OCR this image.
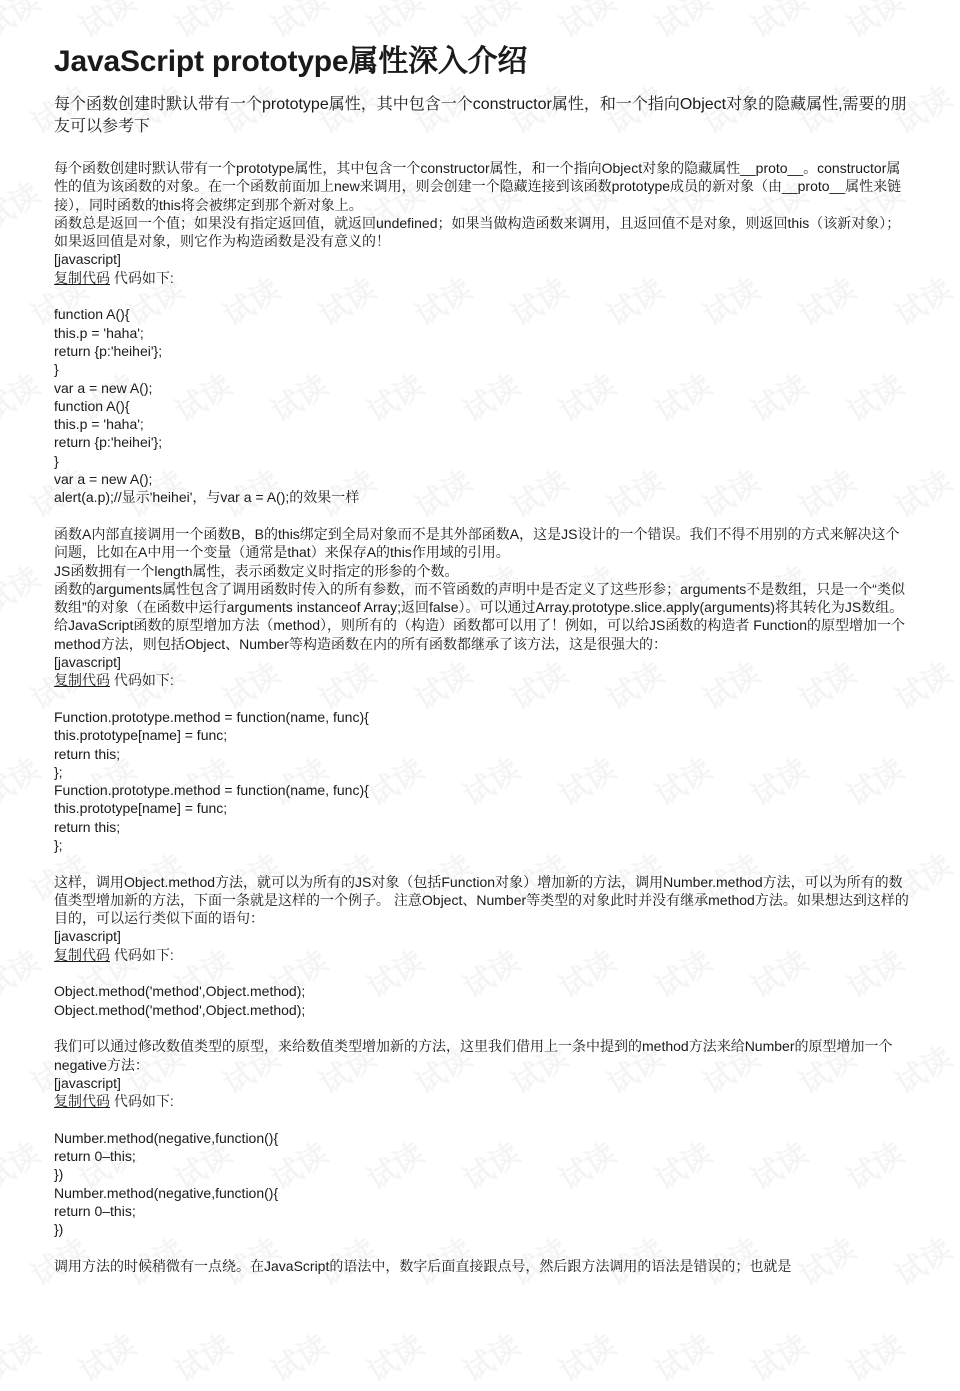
JavaScript prototype属性深入介绍

每个函数创建时默认带有一个prototype属性，其中包含一个constructor属性，和一个指向Object对象的隐藏属性,需要的朋友可以参考下

每个函数创建时默认带有一个prototype属性，其中包含一个constructor属性，和一个指向Object对象的隐藏属性__proto__。constructor属性的值为该函数的对象。在一个函数前面加上new来调用，则会创建一个隐藏连接到该函数prototype成员的新对象（由__proto__属性来链接），同时函数的this将会被绑定到那个新对象上。

函数总是返回一个值；如果没有指定返回值，就返回undefined；如果当做构造函数来调用，且返回值不是对象，则返回this（该新对象）；如果返回值是对象，则它作为构造函数是没有意义的！

[javascript]

复制代码 代码如下:

function A(){
this.p = 'haha';
return {p:'heihei'};
}
var a = new A();
function A(){
this.p = 'haha';
return {p:'heihei'};
}
var a = new A();
alert(a.p);//显示'heihei'，与var a = A();的效果一样

函数A内部直接调用一个函数B，B的this绑定到全局对象而不是其外部函数A，这是JS设计的一个错误。我们不得不用别的方式来解决这个问题，比如在A中用一个变量（通常是that）来保存A的this作用域的引用。

JS函数拥有一个length属性，表示函数定义时指定的形参的个数。

函数的arguments属性包含了调用函数时传入的所有参数，而不管函数的声明中是否定义了这些形参；arguments不是数组，只是一个“类似数组”的对象（在函数中运行arguments instanceof Array;返回false）。可以通过Array.prototype.slice.apply(arguments)将其转化为JS数组。

给JavaScript函数的原型增加方法（method），则所有的（构造）函数都可以用了！例如，可以给JS函数的构造者 Function的原型增加一个method方法，则包括Object、Number等构造函数在内的所有函数都继承了该方法，这是很强大的：

[javascript]

复制代码 代码如下:

Function.prototype.method = function(name, func){
this.prototype[name] = func;
return this;
};
Function.prototype.method = function(name, func){
this.prototype[name] = func;
return this;
};

这样，调用Object.method方法，就可以为所有的JS对象（包括Function对象）增加新的方法，调用Number.method方法，可以为所有的数值类型增加新的方法，下面一条就是这样的一个例子。 注意Object、Number等类型的对象此时并没有继承method方法。如果想达到这样的目的，可以运行类似下面的语句：

[javascript]

复制代码 代码如下:

Object.method('method',Object.method);
Object.method('method',Object.method);

我们可以通过修改数值类型的原型，来给数值类型增加新的方法，这里我们借用上一条中提到的method方法来给Number的原型增加一个negative方法：

[javascript]

复制代码 代码如下:

Number.method(negative,function(){
return 0–this;
})
Number.method(negative,function(){
return 0–this;
})

调用方法的时候稍微有一点绕。在JavaScript的语法中，数字后面直接跟点号，然后跟方法调用的语法是错误的；也就是
